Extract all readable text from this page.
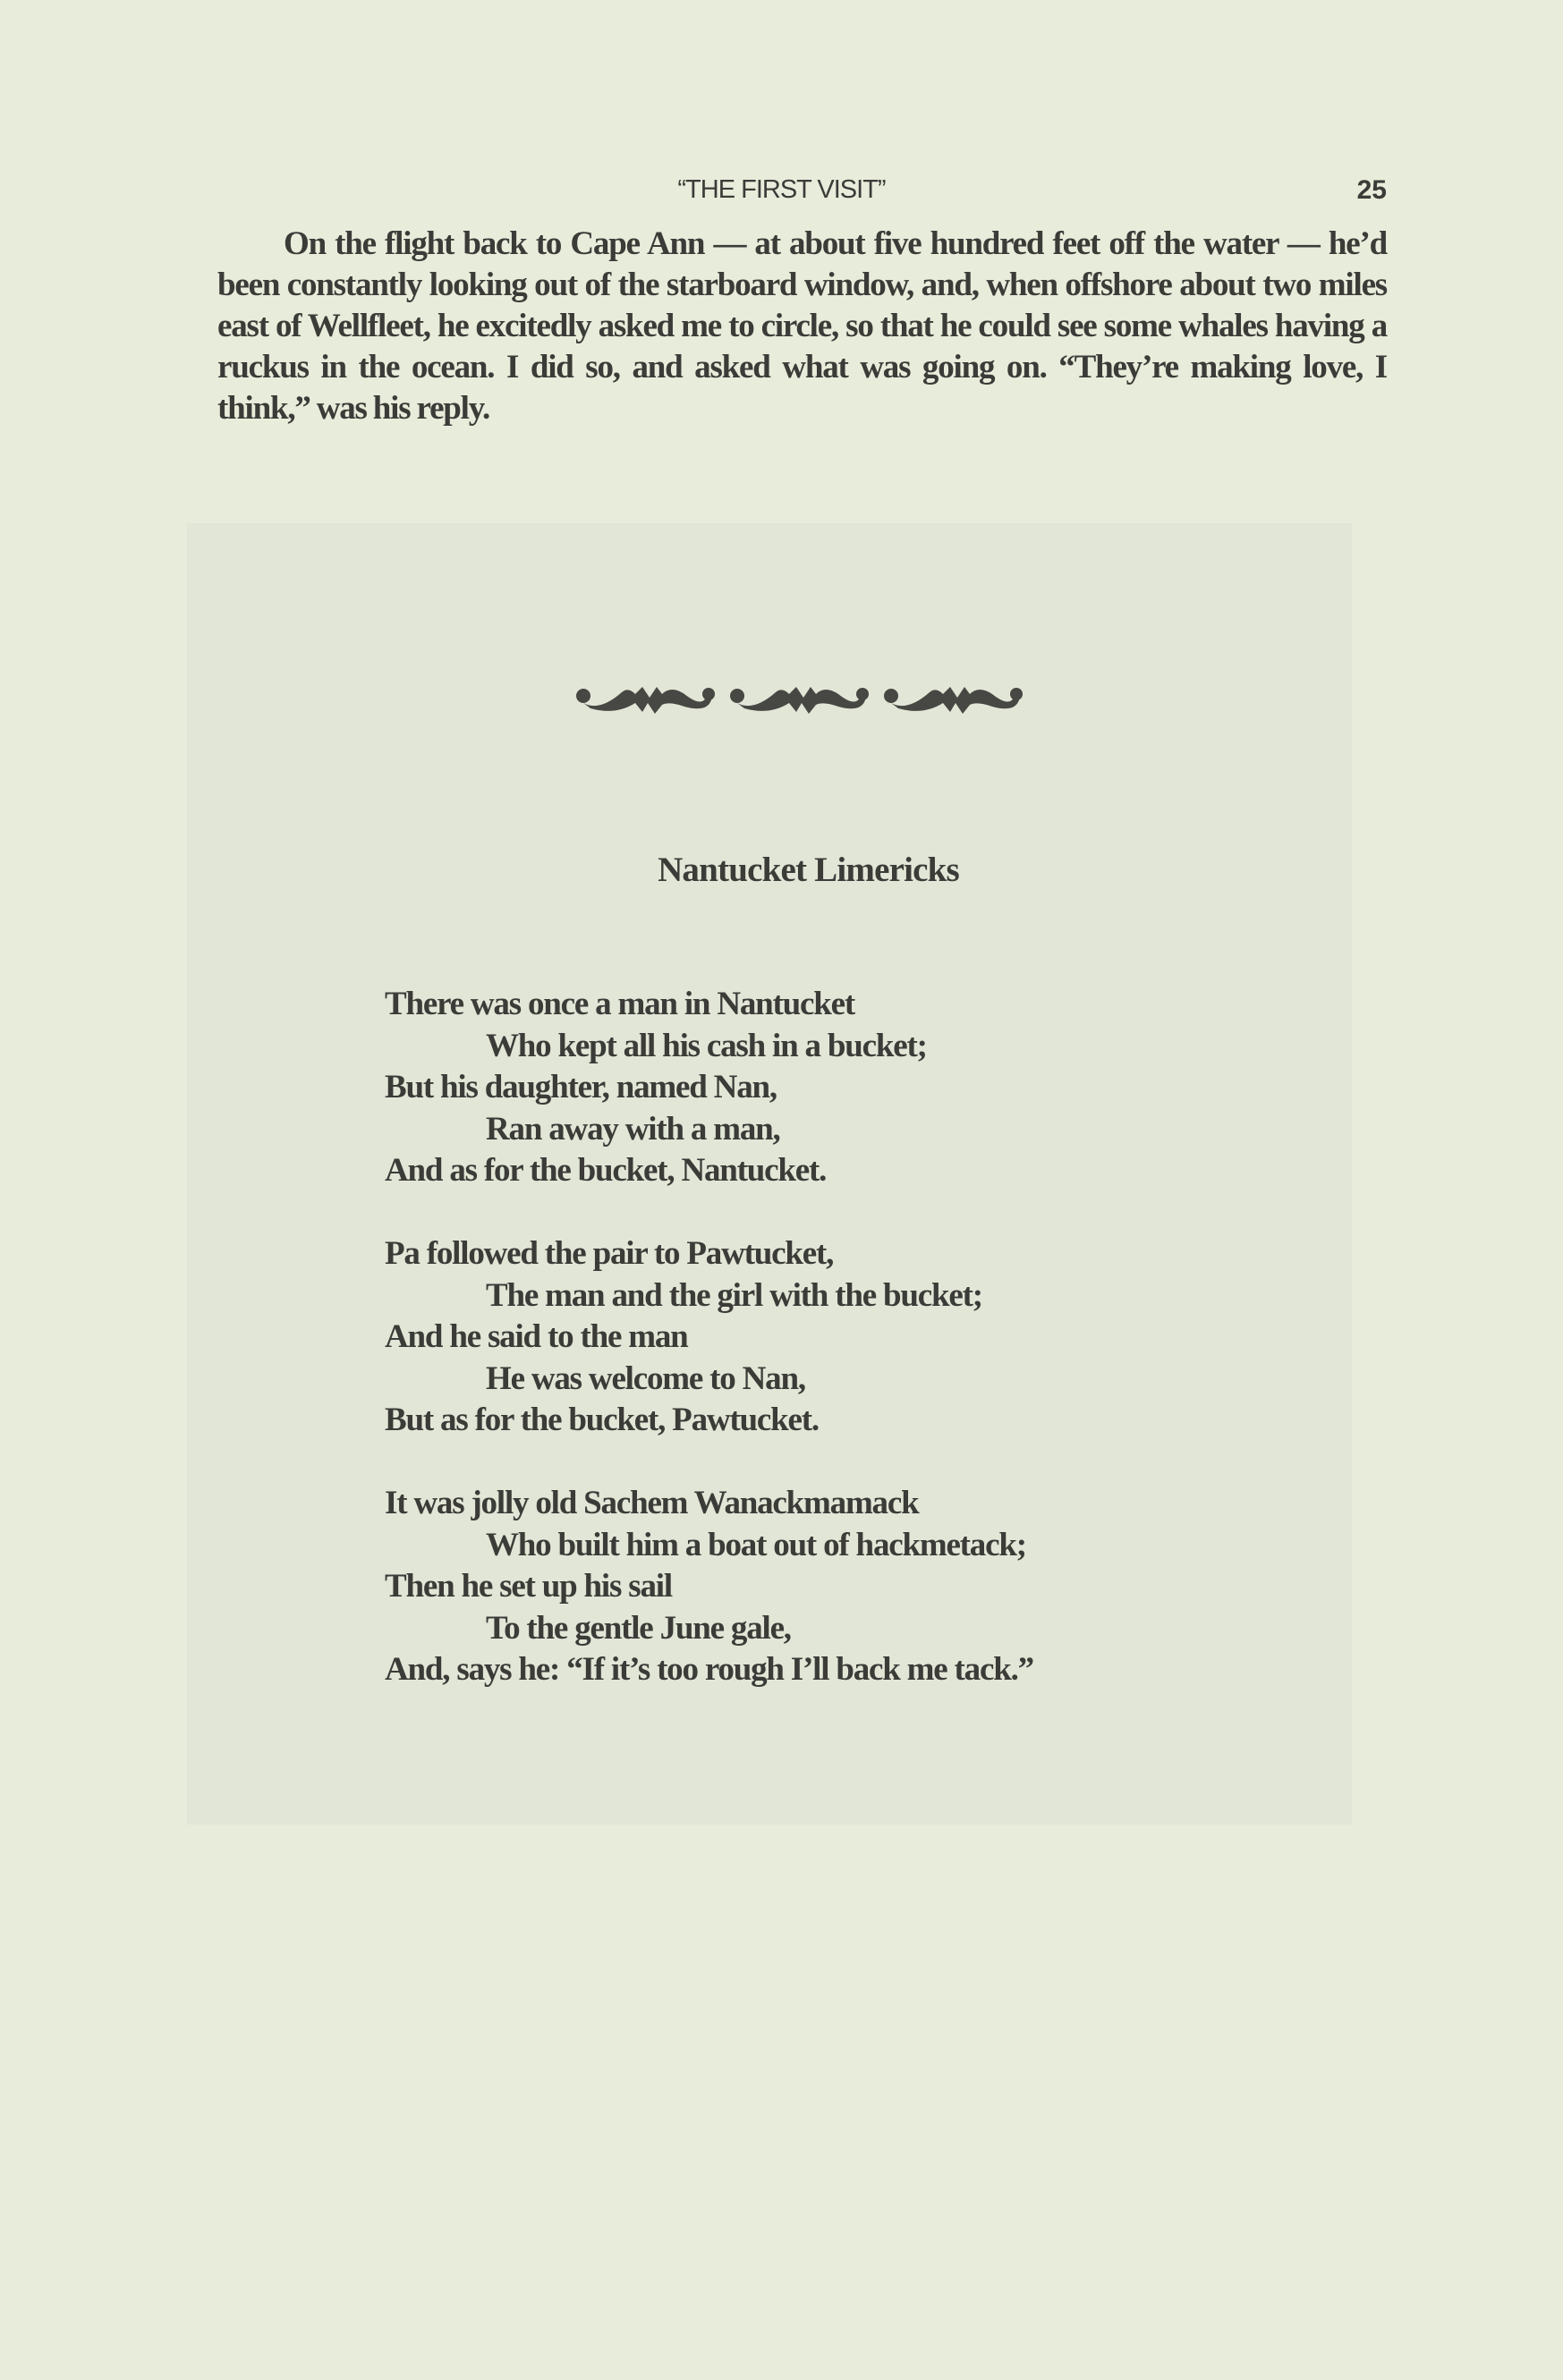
“THE FIRST VISIT”	25
On the flight back to Cape Ann — at about five hundred feet off the water — he’d been constantly looking out of the starboard window, and, when offshore about two miles east of Wellfleet, he excitedly asked me to circle, so that he could see some whales having a ruckus in the ocean. I did so, and asked what was going on. “They’re making love, I think,” was his reply.
Nantucket Limericks
There was once a man in Nantucket
Who kept all his cash in a bucket;
But his daughter, named Nan,
Ran away with a man,
And as for the bucket, Nantucket.
Pa followed the pair to Pawtucket,
The man and the girl with the bucket;
And he said to the man
He was welcome to Nan,
But as for the bucket, Pawtucket.
It was jolly old Sachem Wanackmamack
Who built him a boat out of hackmetack;
Then he set up his sail
To the gentle June gale,
And, says he: “If it’s too rough I’ll back me tack.”
